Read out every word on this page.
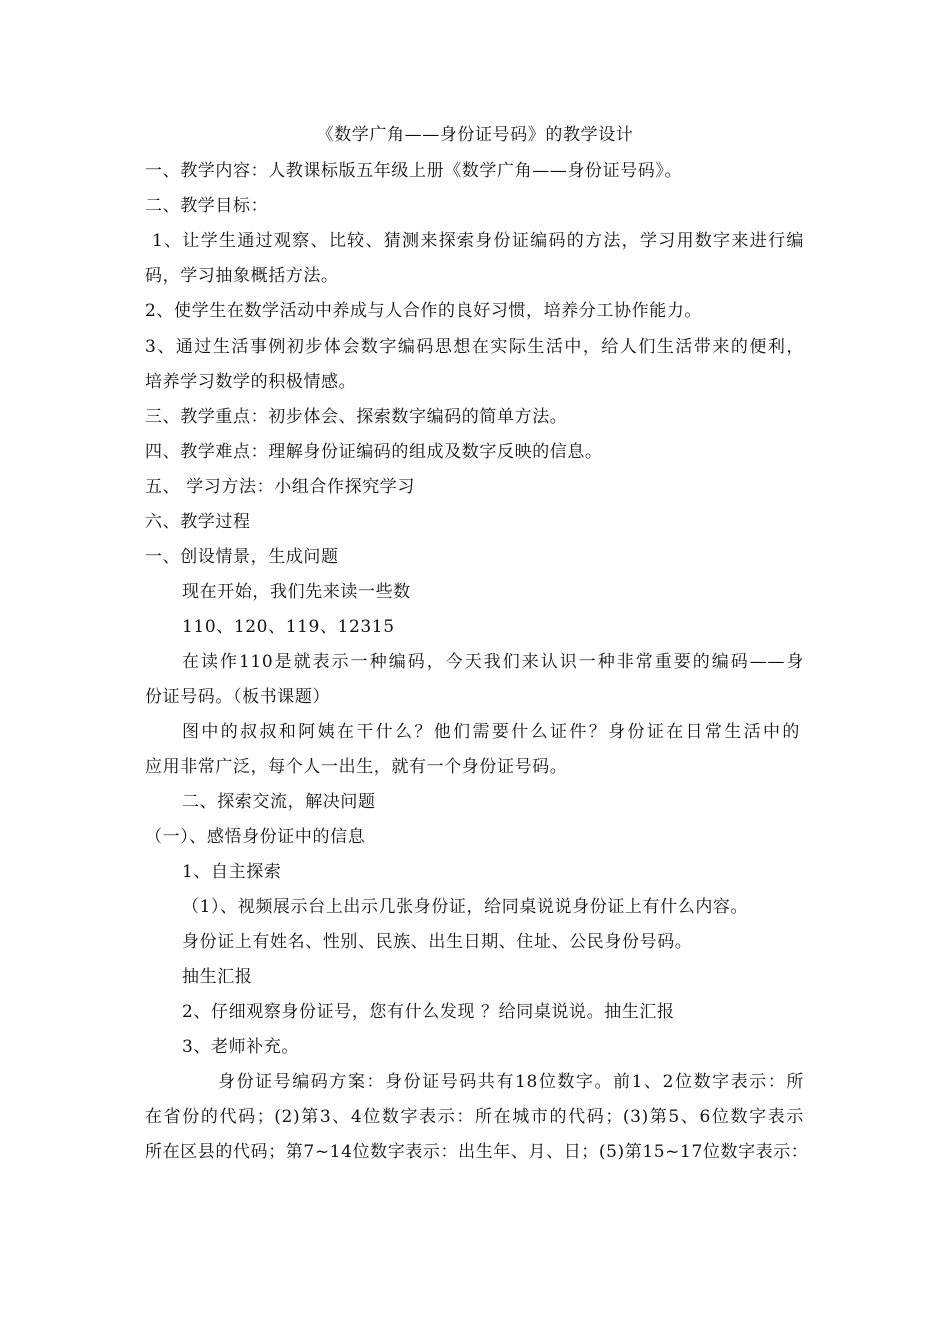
《数学广角——身份证号码》的教学设计
一、教学内容：人教课标版五年级上册《数学广角——身份证号码》。
二、教学目标：
1、让学生通过观察、比较、猜测来探索身份证编码的方法，学习用数字来进行编
码，学习抽象概括方法。
2、使学生在数学活动中养成与人合作的良好习惯，培养分工协作能力。
3、通过生活事例初步体会数字编码思想在实际生活中，给人们生活带来的便利，
培养学习数学的积极情感。
三、教学重点：初步体会、探索数字编码的简单方法。
四、教学难点：理解身份证编码的组成及数字反映的信息。
五、 学习方法：小组合作探究学习
六、教学过程
一、创设情景，生成问题
现在开始，我们先来读一些数
110、120、119、12315
在读作110是就表示一种编码，今天我们来认识一种非常重要的编码——身
份证号码。（板书课题）
图中的叔叔和阿姨在干什么？他们需要什么证件？身份证在日常生活中的
应用非常广泛，每个人一出生，就有一个身份证号码。
二、探索交流，解决问题
（一）、感悟身份证中的信息
1、自主探索
（1）、视频展示台上出示几张身份证，给同桌说说身份证上有什么内容。
身份证上有姓名、性别、民族、出生日期、住址、公民身份号码。
抽生汇报
2、仔细观察身份证号，您有什么发现 ？给同桌说说。抽生汇报
3、老师补充。
身份证号编码方案：身份证号码共有18位数字。前1、2位数字表示：所
在省份的代码；(2)第3、4位数字表示：所在城市的代码；(3)第5、6位数字表示
所在区县的代码；第7~14位数字表示：出生年、月、日；(5)第15~17位数字表示：
